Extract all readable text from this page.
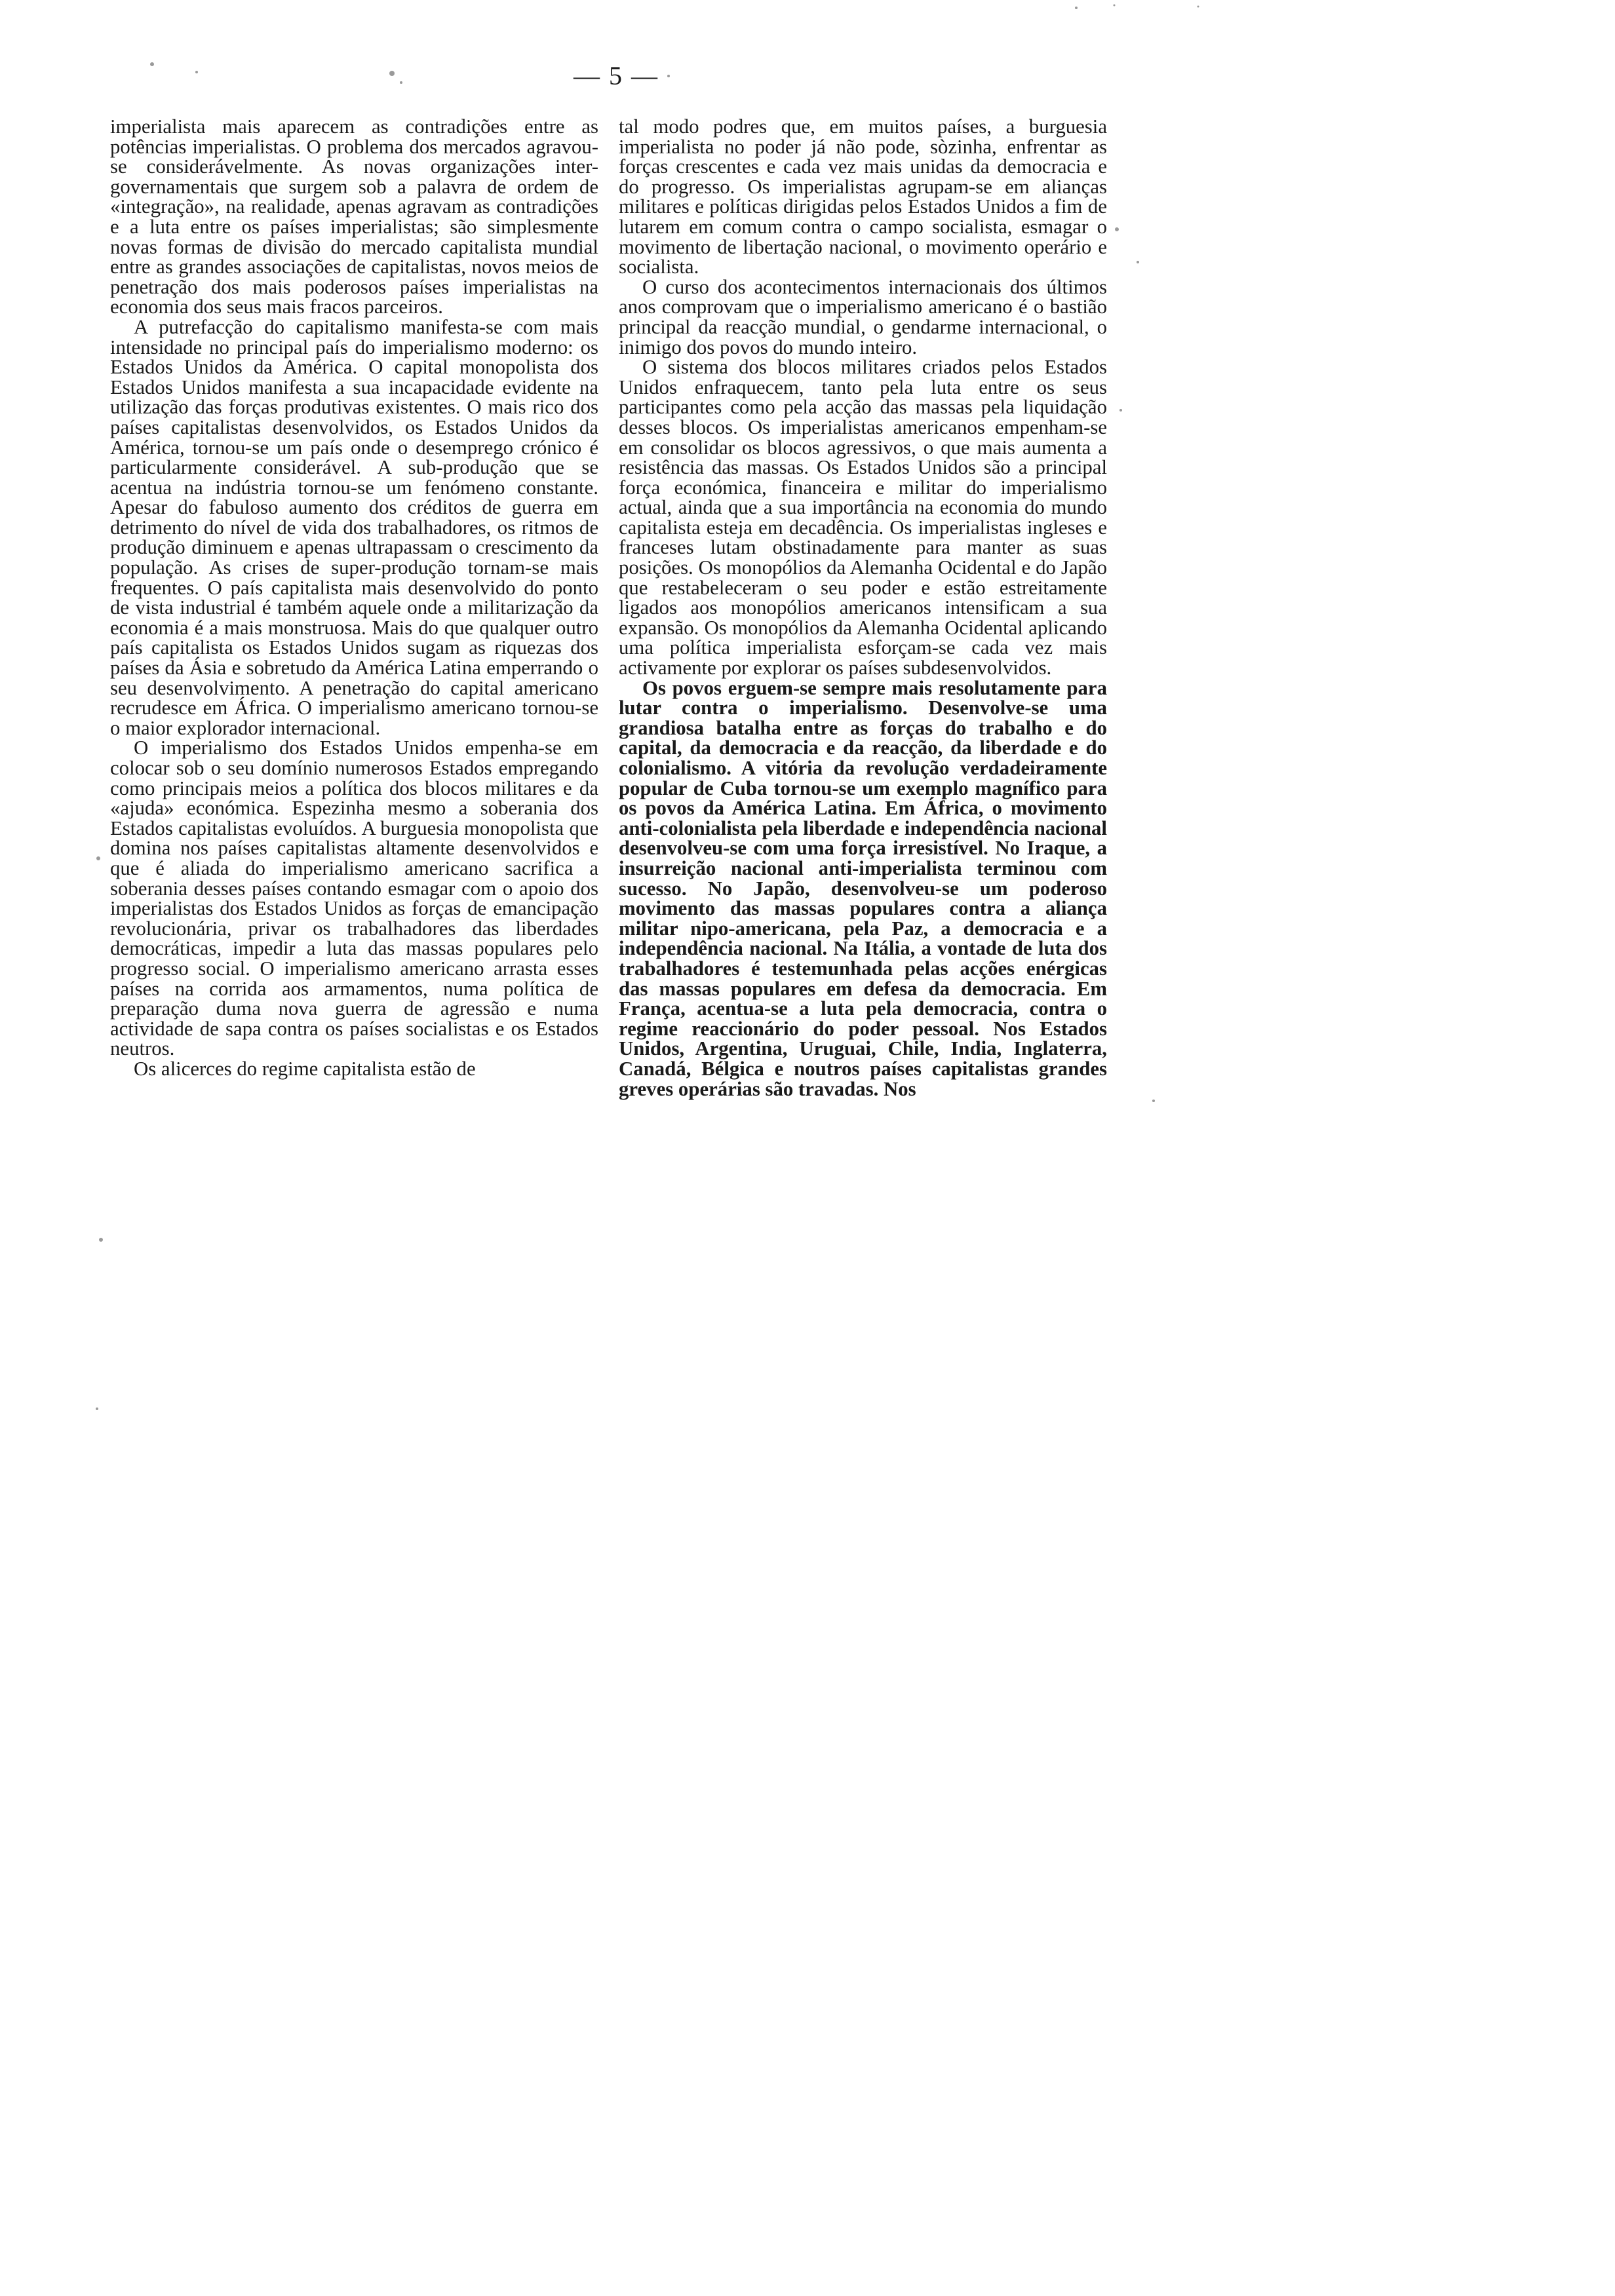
— 5 —

imperialista mais aparecem as contradições entre as potências imperialistas. O problema dos mercados agravou-se considerávelmente. As novas organizações inter-governamentais que surgem sob a palavra de ordem de «integração», na realidade, apenas agravam as contradições e a luta entre os países imperialistas; são simplesmente novas formas de divisão do mercado capitalista mundial entre as grandes associações de capitalistas, novos meios de penetração dos mais poderosos países imperialistas na economia dos seus mais fracos parceiros.

A putrefacção do capitalismo manifesta-se com mais intensidade no principal país do imperialismo moderno: os Estados Unidos da América. O capital monopolista dos Estados Unidos manifesta a sua incapacidade evidente na utilização das forças produtivas existentes. O mais rico dos países capitalistas desenvolvidos, os Estados Unidos da América, tornou-se um país onde o desemprego crónico é particularmente considerável. A sub-produção que se acentua na indústria tornou-se um fenómeno constante. Apesar do fabuloso aumento dos créditos de guerra em detrimento do nível de vida dos trabalhadores, os ritmos de produção diminuem e apenas ultrapassam o crescimento da população. As crises de super-produção tornam-se mais frequentes. O país capitalista mais desenvolvido do ponto de vista industrial é também aquele onde a militarização da economia é a mais monstruosa. Mais do que qualquer outro país capitalista os Estados Unidos sugam as riquezas dos países da Ásia e sobretudo da América Latina emperrando o seu desenvolvimento. A penetração do capital americano recrudesce em África. O imperialismo americano tornou-se o maior explorador internacional.

O imperialismo dos Estados Unidos empenha-se em colocar sob o seu domínio numerosos Estados empregando como principais meios a política dos blocos militares e da «ajuda» económica. Espezinha mesmo a soberania dos Estados capitalistas evoluídos. A burguesia monopolista que domina nos países capitalistas altamente desenvolvidos e que é aliada do imperialismo americano sacrifica a soberania desses países contando esmagar com o apoio dos imperialistas dos Estados Unidos as forças de emancipação revolucionária, privar os trabalhadores das liberdades democráticas, impedir a luta das massas populares pelo progresso social. O imperialismo americano arrasta esses países na corrida aos armamentos, numa política de preparação duma nova guerra de agressão e numa actividade de sapa contra os países socialistas e os Estados neutros.

Os alicerces do regime capitalista estão de

tal modo podres que, em muitos países, a burguesia imperialista no poder já não pode, sòzinha, enfrentar as forças crescentes e cada vez mais unidas da democracia e do progresso. Os imperialistas agrupam-se em alianças militares e políticas dirigidas pelos Estados Unidos a fim de lutarem em comum contra o campo socialista, esmagar o movimento de libertação nacional, o movimento operário e socialista.

O curso dos acontecimentos internacionais dos últimos anos comprovam que o imperialismo americano é o bastião principal da reacção mundial, o gendarme internacional, o inimigo dos povos do mundo inteiro.

O sistema dos blocos militares criados pelos Estados Unidos enfraquecem, tanto pela luta entre os seus participantes como pela acção das massas pela liquidação desses blocos. Os imperialistas americanos empenham-se em consolidar os blocos agressivos, o que mais aumenta a resistência das massas. Os Estados Unidos são a principal força económica, financeira e militar do imperialismo actual, ainda que a sua importância na economia do mundo capitalista esteja em decadência. Os imperialistas ingleses e franceses lutam obstinadamente para manter as suas posições. Os monopólios da Alemanha Ocidental e do Japão que restabeleceram o seu poder e estão estreitamente ligados aos monopólios americanos intensificam a sua expansão. Os monopólios da Alemanha Ocidental aplicando uma política imperialista esforçam-se cada vez mais activamente por explorar os países subdesenvolvidos.

Os povos erguem-se sempre mais resolutamente para lutar contra o imperialismo. Desenvolve-se uma grandiosa batalha entre as forças do trabalho e do capital, da democracia e da reacção, da liberdade e do colonialismo. A vitória da revolução verdadeiramente popular de Cuba tornou-se um exemplo magnífico para os povos da América Latina. Em África, o movimento anti-colonialista pela liberdade e independência nacional desenvolveu-se com uma força irresistível. No Iraque, a insurreição nacional anti-imperialista terminou com sucesso. No Japão, desenvolveu-se um poderoso movimento das massas populares contra a aliança militar nipo-americana, pela Paz, a democracia e a independência nacional. Na Itália, a vontade de luta dos trabalhadores é testemunhada pelas acções enérgicas das massas populares em defesa da democracia. Em França, acentua-se a luta pela democracia, contra o regime reaccionário do poder pessoal. Nos Estados Unidos, Argentina, Uruguai, Chile, India, Inglaterra, Canadá, Bélgica e noutros países capitalistas grandes greves operárias são travadas. Nos
